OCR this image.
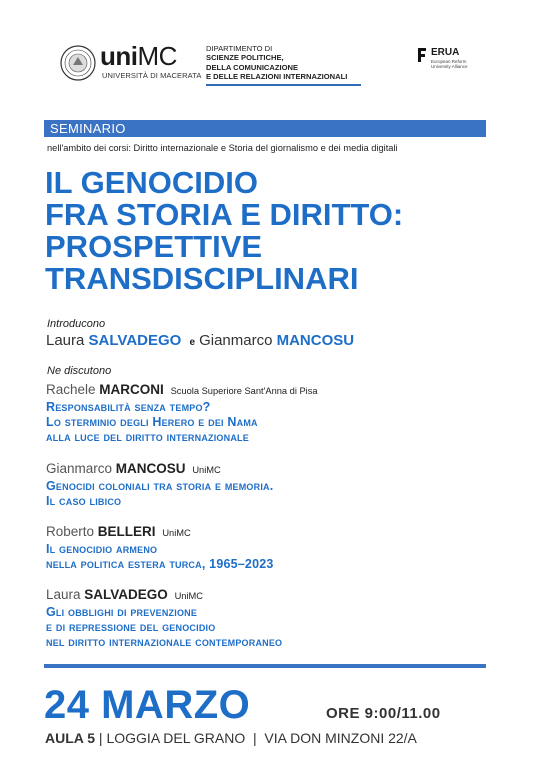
uniMC
UNIVERSITÀ DI MACERATA
DIPARTIMENTO DI
SCIENZE POLITICHE,
DELLA COMUNICAZIONE
E DELLE RELAZIONI INTERNAZIONALI
ERUA
European Reform
University Alliance
SEMINARIO
nell'ambito dei corsi: Diritto internazionale e Storia del giornalismo e dei media digitali
IL GENOCIDIO
FRA STORIA E DIRITTO:
PROSPETTIVE
TRANSDISCIPLINARI
Introducono
Laura SALVADEGO e Gianmarco MANCOSU
Ne discutono
Rachele MARCONI Scuola Superiore Sant'Anna di Pisa
Responsabilità senza tempo?
Lo sterminio degli Herero e dei Nama
alla luce del diritto internazionale
Gianmarco MANCOSU UniMC
Genocidi coloniali tra storia e memoria.
Il caso libico
Roberto BELLERI UniMC
Il genocidio armeno
nella politica estera turca, 1965–2023
Laura SALVADEGO UniMC
Gli obblighi di prevenzione
e di repressione del genocidio
nel diritto internazionale contemporaneo
24 MARZO	ORE 9:00/11.00
AULA 5 | LOGGIA DEL GRANO  |  VIA DON MINZONI 22/A
